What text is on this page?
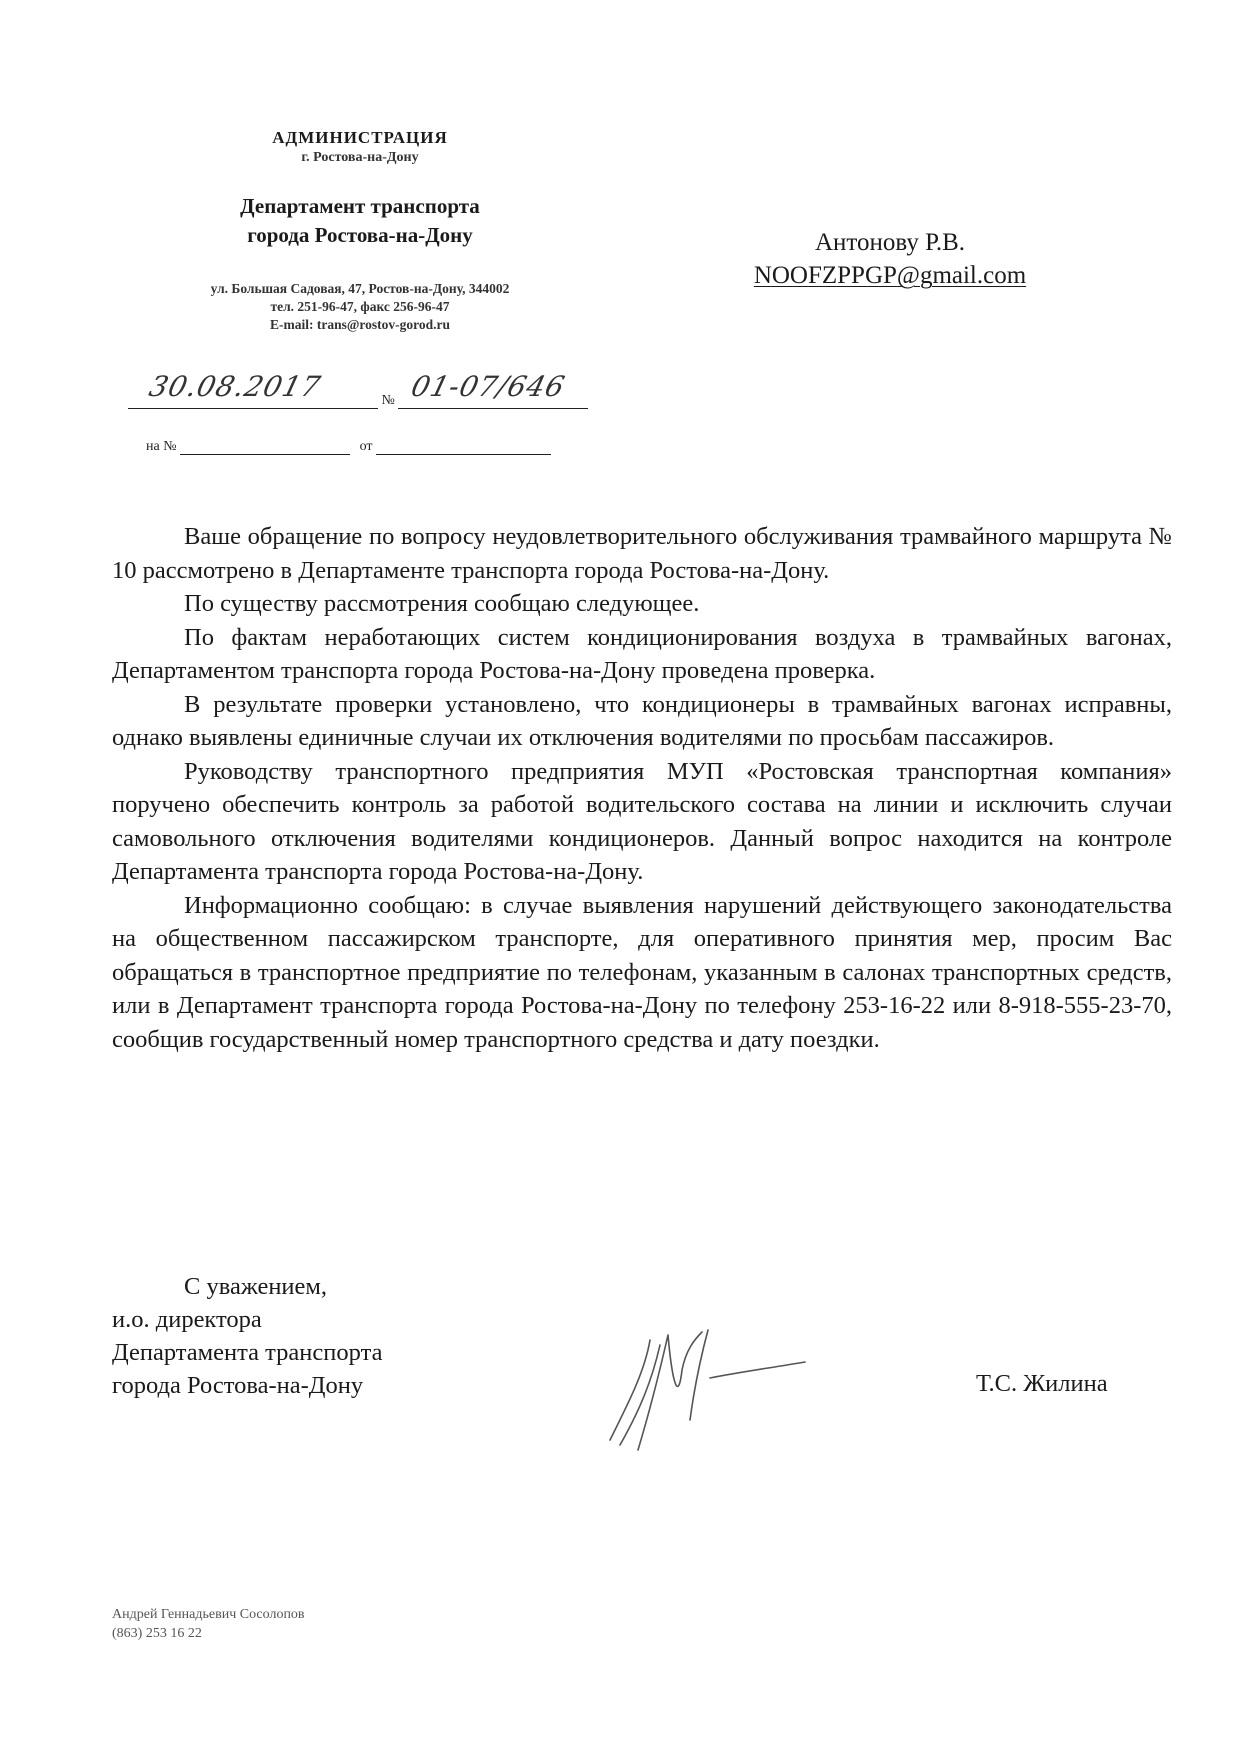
АДМИНИСТРАЦИЯ
г. Ростова-на-Дону
Департамент транспорта
города Ростова-на-Дону
ул. Большая Садовая, 47, Ростов-на-Дону, 344002
тел. 251-96-47, факс 256-96-47
E-mail: trans@rostov-gorod.ru
Антонову Р.В.
NOOFZPPGP@gmail.com
№
30.08.2017	01-07/646
на №	от

Ваше обращение по вопросу неудовлетворительного обслуживания трамвайного маршрута № 10 рассмотрено в Департаменте транспорта города Ростова-на-Дону.

По существу рассмотрения сообщаю следующее.

По фактам неработающих систем кондиционирования воздуха в трамвайных вагонах, Департаментом транспорта города Ростова-на-Дону проведена проверка.

В результате проверки установлено, что кондиционеры в трамвайных вагонах исправны, однако выявлены единичные случаи их отключения водителями по просьбам пассажиров.

Руководству транспортного предприятия МУП «Ростовская транспортная компания» поручено обеспечить контроль за работой водительского состава на линии и исключить случаи самовольного отключения водителями кондиционеров. Данный вопрос находится на контроле Департамента транспорта города Ростова-на-Дону.

Информационно сообщаю: в случае выявления нарушений действующего законодательства на общественном пассажирском транспорте, для оперативного принятия мер, просим Вас обращаться в транспортное предприятие по телефонам, указанным в салонах транспортных средств, или в Департамент транспорта города Ростова-на-Дону по телефону 253-16-22 или 8-918-555-23-70, сообщив государственный номер транспортного средства и дату поездки.

С уважением,
и.о. директора
Департамента транспорта
города Ростова-на-Дону	Т.С. Жилина
Андрей Геннадьевич Сосолопов
(863) 253 16 22
